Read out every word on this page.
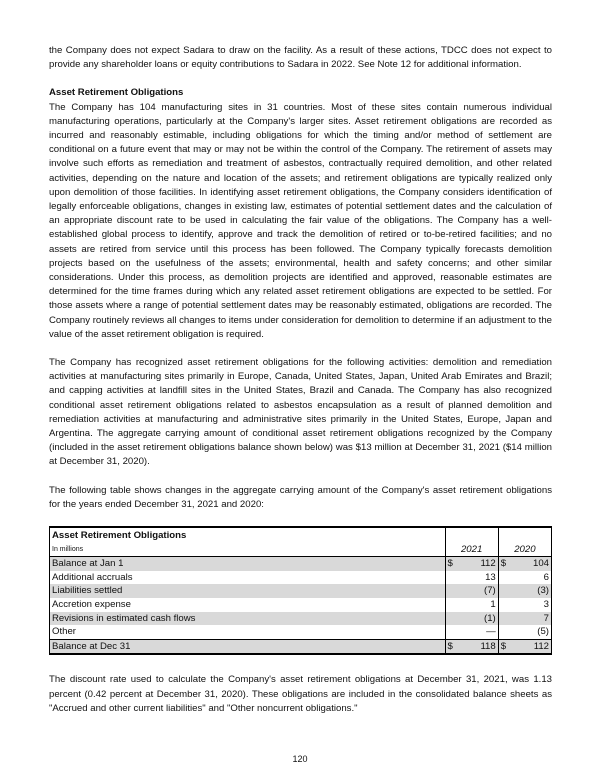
the Company does not expect Sadara to draw on the facility. As a result of these actions, TDCC does not expect to provide any shareholder loans or equity contributions to Sadara in 2022. See Note 12 for additional information.

Asset Retirement Obligations

The Company has 104 manufacturing sites in 31 countries. Most of these sites contain numerous individual manufacturing operations, particularly at the Company's larger sites. Asset retirement obligations are recorded as incurred and reasonably estimable, including obligations for which the timing and/or method of settlement are conditional on a future event that may or may not be within the control of the Company. The retirement of assets may involve such efforts as remediation and treatment of asbestos, contractually required demolition, and other related activities, depending on the nature and location of the assets; and retirement obligations are typically realized only upon demolition of those facilities. In identifying asset retirement obligations, the Company considers identification of legally enforceable obligations, changes in existing law, estimates of potential settlement dates and the calculation of an appropriate discount rate to be used in calculating the fair value of the obligations. The Company has a well-established global process to identify, approve and track the demolition of retired or to-be-retired facilities; and no assets are retired from service until this process has been followed. The Company typically forecasts demolition projects based on the usefulness of the assets; environmental, health and safety concerns; and other similar considerations. Under this process, as demolition projects are identified and approved, reasonable estimates are determined for the time frames during which any related asset retirement obligations are expected to be settled. For those assets where a range of potential settlement dates may be reasonably estimated, obligations are recorded. The Company routinely reviews all changes to items under consideration for demolition to determine if an adjustment to the value of the asset retirement obligation is required.

The Company has recognized asset retirement obligations for the following activities: demolition and remediation activities at manufacturing sites primarily in Europe, Canada, United States, Japan, United Arab Emirates and Brazil; and capping activities at landfill sites in the United States, Brazil and Canada. The Company has also recognized conditional asset retirement obligations related to asbestos encapsulation as a result of planned demolition and remediation activities at manufacturing and administrative sites primarily in the United States, Europe, Japan and Argentina. The aggregate carrying amount of conditional asset retirement obligations recognized by the Company (included in the asset retirement obligations balance shown below) was $13 million at December 31, 2021 ($14 million at December 31, 2020).

The following table shows changes in the aggregate carrying amount of the Company's asset retirement obligations for the years ended December 31, 2021 and 2020:

Asset Retirement Obligations		
In millions	2021	2020
Balance at Jan 1	$ 112	$ 104
Additional accruals	13	6
Liabilities settled	(7)	(3)
Accretion expense	1	3
Revisions in estimated cash flows	(1)	7
Other	—	(5)
Balance at Dec 31	$ 118	$ 112

The discount rate used to calculate the Company's asset retirement obligations at December 31, 2021, was 1.13 percent (0.42 percent at December 31, 2020). These obligations are included in the consolidated balance sheets as "Accrued and other current liabilities" and "Other noncurrent obligations."

120
